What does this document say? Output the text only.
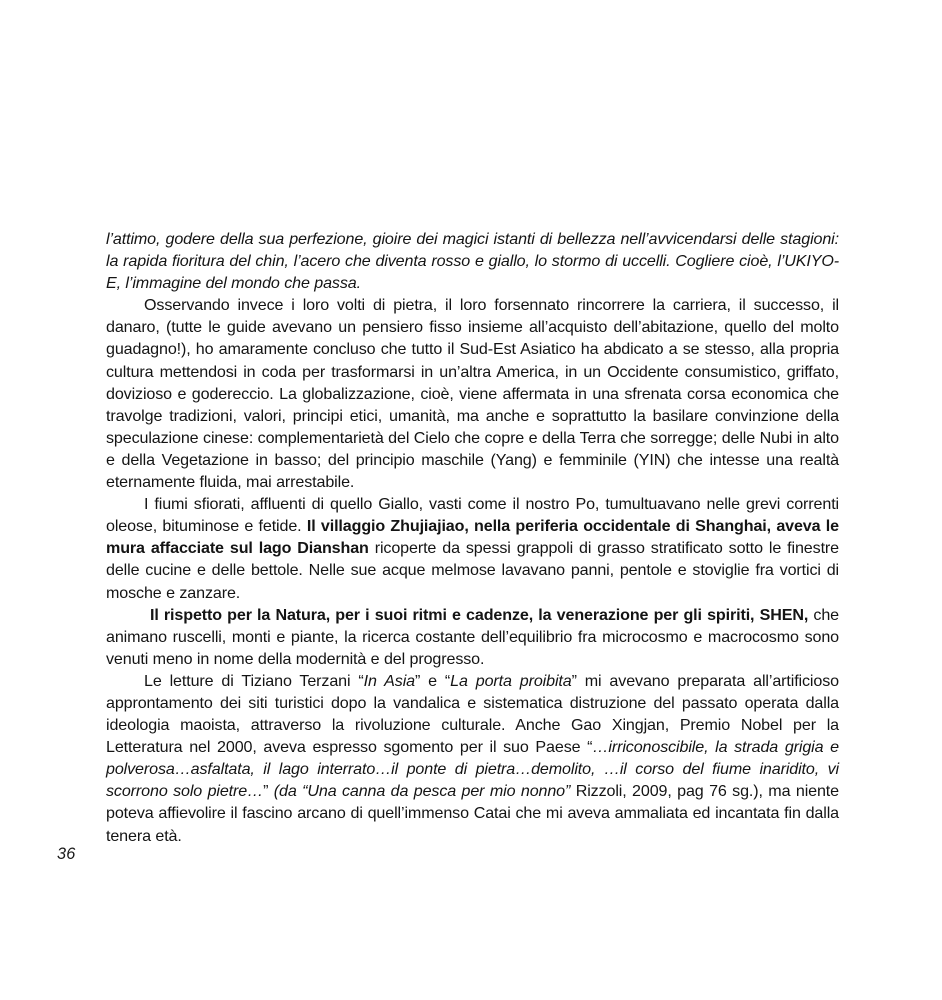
l’attimo, godere della sua perfezione, gioire dei magici istanti di bellezza nell’avvicendarsi delle stagioni: la rapida fioritura del chin, l’acero che diventa rosso e giallo, lo stormo di uccelli. Cogliere cioè, l’UKIYO-E, l’immagine del mondo che passa.

Osservando invece i loro volti di pietra, il loro forsennato rincorrere la carriera, il successo, il danaro, (tutte le guide avevano un pensiero fisso insieme all’acquisto dell’abitazione, quello del molto guadagno!), ho amaramente concluso che tutto il Sud-Est Asiatico ha abdicato a se stesso, alla propria cultura mettendosi in coda per trasformarsi in un’altra America, in un Occidente consumistico, griffato, dovizioso e godereccio. La globalizzazione, cioè, viene affermata in una sfrenata corsa economica che travolge tradizioni, valori, principi etici, umanità, ma anche e soprattutto la basilare convinzione della speculazione cinese: complementarietà del Cielo che copre e della Terra che sorregge; delle Nubi in alto e della Vegetazione in basso; del principio maschile (Yang) e femminile (YIN) che intesse una realtà eternamente fluida, mai arrestabile.

I fiumi sfiorati, affluenti di quello Giallo, vasti come il nostro Po, tumultuavano nelle grevi correnti oleose, bituminose e fetide. Il villaggio Zhujiajiao, nella periferia occidentale di Shanghai, aveva le mura affacciate sul lago Dianshan ricoperte da spessi grappoli di grasso stratificato sotto le finestre delle cucine e delle bettole. Nelle sue acque melmose lavavano panni, pentole e stoviglie fra vortici di mosche e zanzare.

Il rispetto per la Natura, per i suoi ritmi e cadenze, la venerazione per gli spiriti, SHEN, che animano ruscelli, monti e piante, la ricerca costante dell’equilibrio fra microcosmo e macrocosmo sono venuti meno in nome della modernità e del progresso.

Le letture di Tiziano Terzani “In Asia” e “La porta proibita” mi avevano preparata all’artificioso approntamento dei siti turistici dopo la vandalica e sistematica distruzione del passato operata dalla ideologia maoista, attraverso la rivoluzione culturale. Anche Gao Xingjan, Premio Nobel per la Letteratura nel 2000, aveva espresso sgomento per il suo Paese “…irriconoscibile, la strada grigia e polverosa…asfaltata, il lago interrato…il ponte di pietra…demolito, …il corso del fiume inaridito, vi scorrono solo pietre…” (da “Una canna da pesca per mio nonno” Rizzoli, 2009, pag 76 sg.), ma niente poteva affievolire il fascino arcano di quell’immenso Catai che mi aveva ammaliata ed incantata fin dalla tenera età.

36
